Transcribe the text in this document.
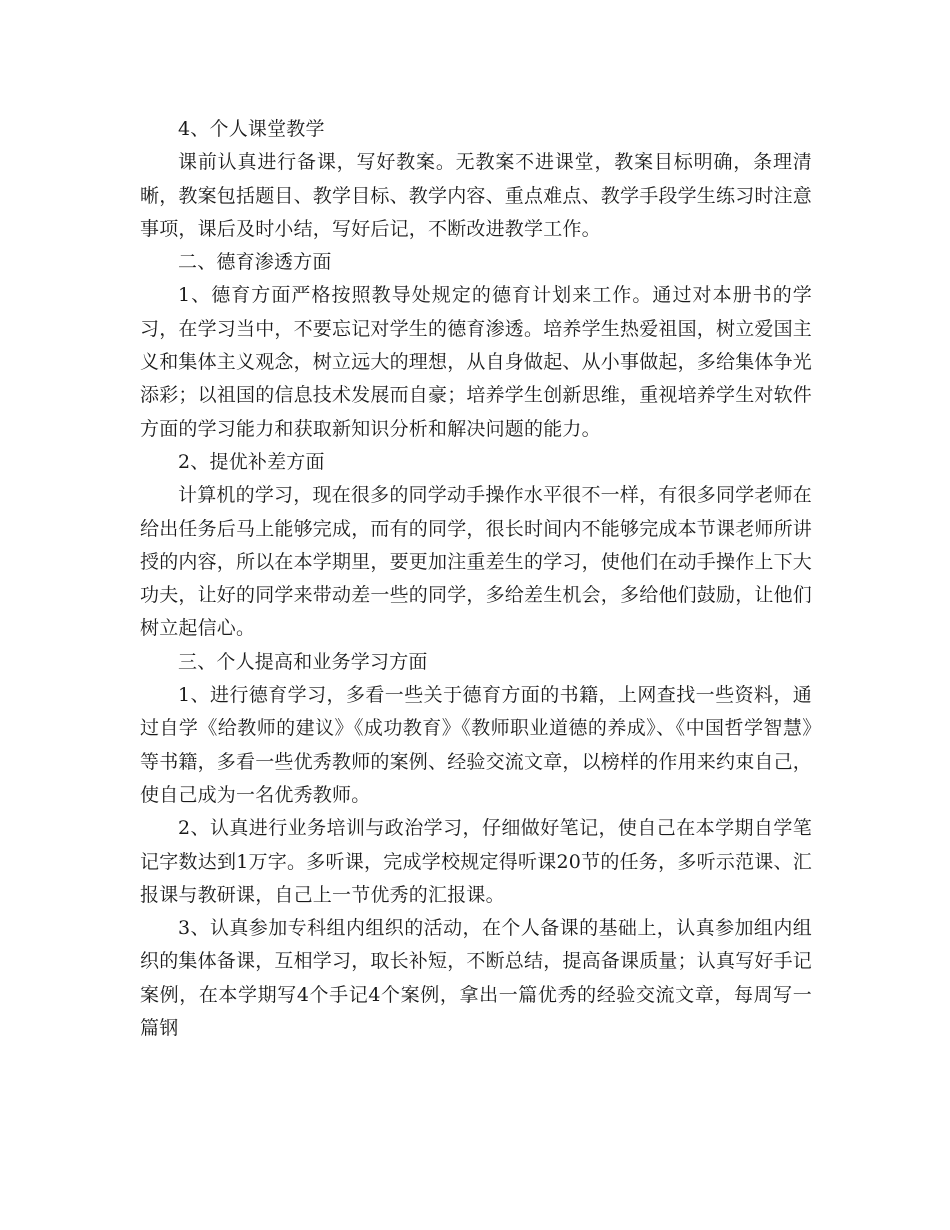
4、个人课堂教学

课前认真进行备课，写好教案。无教案不进课堂，教案目标明确，条理清晰，教案包括题目、教学目标、教学内容、重点难点、教学手段学生练习时注意事项，课后及时小结，写好后记，不断改进教学工作。

二、德育渗透方面

1、德育方面严格按照教导处规定的德育计划来工作。通过对本册书的学习，在学习当中，不要忘记对学生的德育渗透。培养学生热爱祖国，树立爱国主义和集体主义观念，树立远大的理想，从自身做起、从小事做起，多给集体争光添彩；以祖国的信息技术发展而自豪；培养学生创新思维，重视培养学生对软件方面的学习能力和获取新知识分析和解决问题的能力。

2、提优补差方面

计算机的学习，现在很多的同学动手操作水平很不一样，有很多同学老师在给出任务后马上能够完成，而有的同学，很长时间内不能够完成本节课老师所讲授的内容，所以在本学期里，要更加注重差生的学习，使他们在动手操作上下大功夫，让好的同学来带动差一些的同学，多给差生机会，多给他们鼓励，让他们树立起信心。

三、个人提高和业务学习方面

1、进行德育学习，多看一些关于德育方面的书籍，上网查找一些资料，通过自学《给教师的建议》《成功教育》《教师职业道德的养成》、《中国哲学智慧》等书籍，多看一些优秀教师的案例、经验交流文章，以榜样的作用来约束自己，使自己成为一名优秀教师。

2、认真进行业务培训与政治学习，仔细做好笔记，使自己在本学期自学笔记字数达到1万字。多听课，完成学校规定得听课20节的任务，多听示范课、汇报课与教研课，自己上一节优秀的汇报课。

3、认真参加专科组内组织的活动，在个人备课的基础上，认真参加组内组织的集体备课，互相学习，取长补短，不断总结，提高备课质量；认真写好手记案例，在本学期写4个手记4个案例，拿出一篇优秀的经验交流文章，每周写一篇钢
